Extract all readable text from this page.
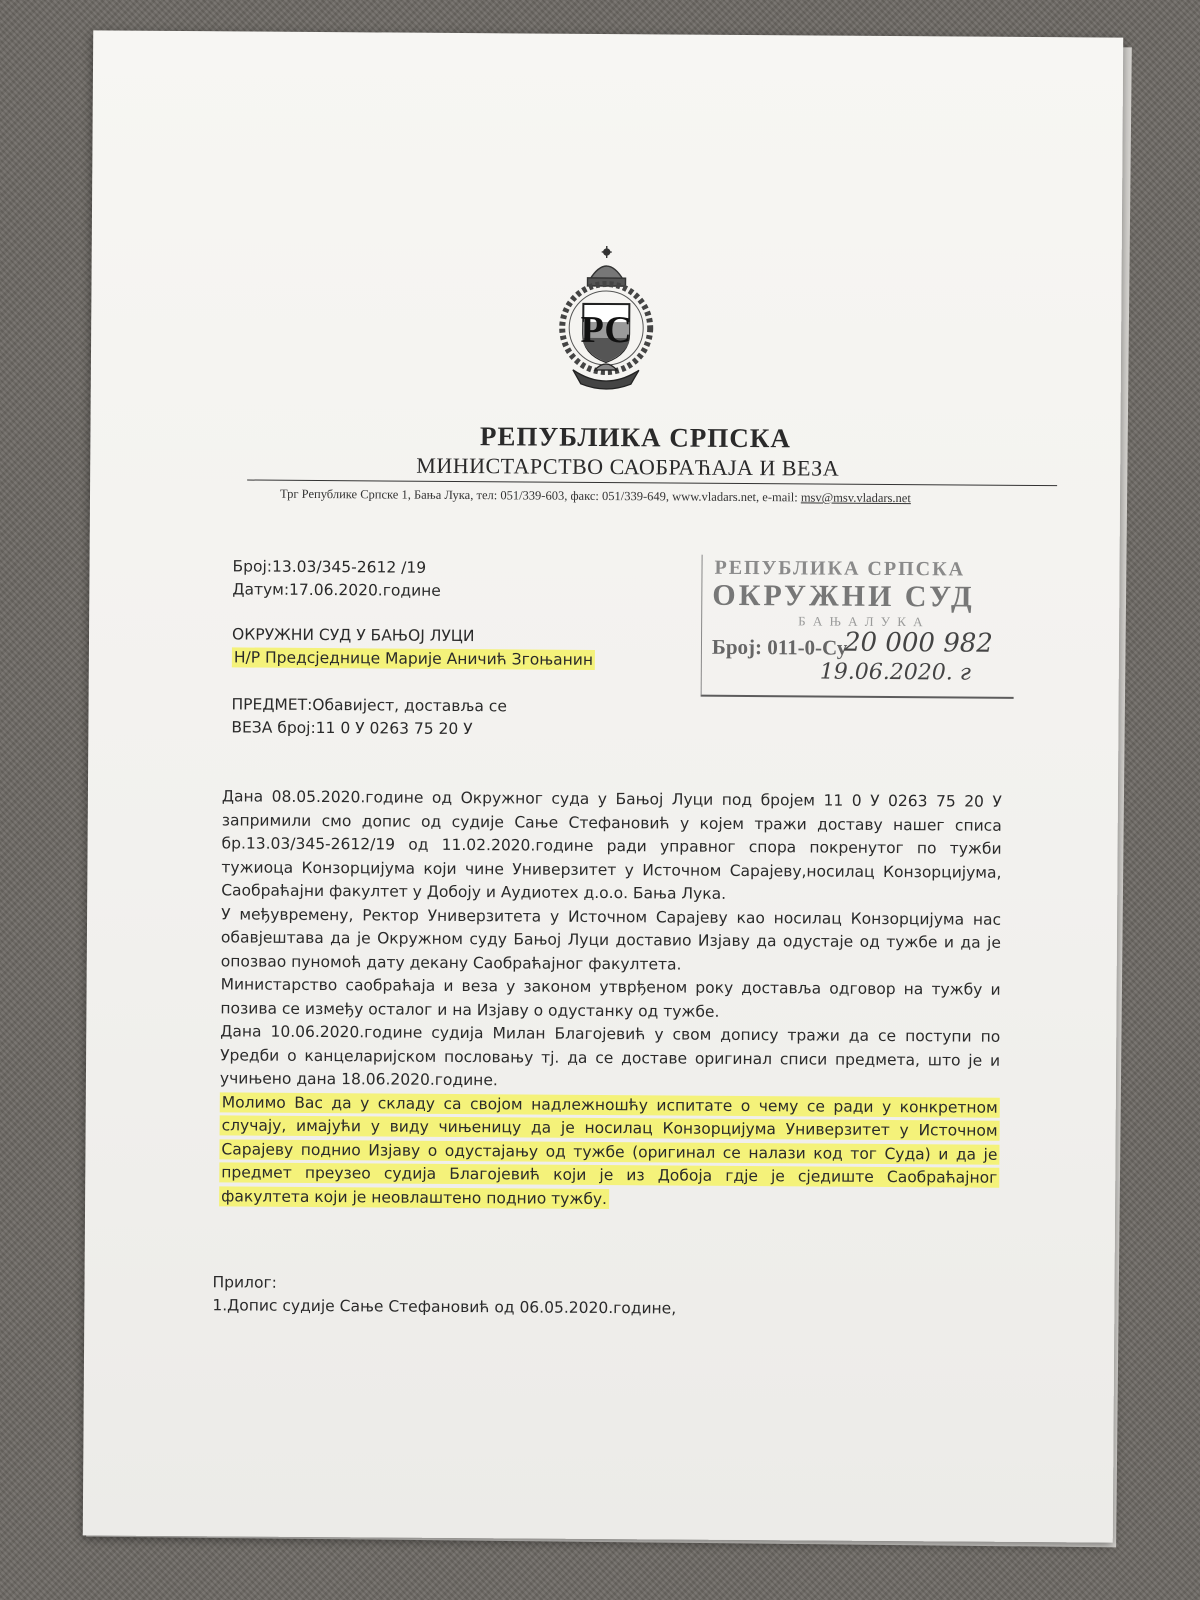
РС
РЕПУБЛИКА СРПСКА
МИНИСТАРСТВО САОБРАЋАЈА И ВЕЗА
Трг Републике Српске 1, Бања Лука, тел: 051/339-603, факс: 051/339-649, www.vladars.net, e-mail: msv@msv.vladars.net
Број:13.03/345-2612 /19
Датум:17.06.2020.године
ОКРУЖНИ СУД У БАЊОЈ ЛУЦИ
Н/Р Предсједнице Марије Аничић Згоњанин
ПРЕДМЕТ:Обавијест, доставља се
ВЕЗА број:11 0 У 0263 75 20 У
РЕПУБЛИКА СРПСКА
ОКРУЖНИ СУД
Б А Њ А Л У К А
Број: 011-0-Су
20 000 982
19.06.2020. г

Дана 08.05.2020.године од Окружног суда у Бањој Луци под бројем 11 0 У 0263 75 20 У запримили смо допис од судије Сање Стефановић у којем тражи доставу нашег списа бр.13.03/345-2612/19 од 11.02.2020.године ради управног спора покренутог по тужби тужиоца Конзорцијума који чине Универзитет у Источном Сарајеву,носилац Конзорцијума, Саобраћајни факултет у Добоју и Аудиотех д.о.о. Бања Лука.

У међувремену, Ректор Универзитета у Источном Сарајеву као носилац Конзорцијума нас обавјештава да је Окружном суду Бањој Луци доставио Изјаву да одустаје од тужбе и да је опозвао пуномоћ дату декану Саобраћајног факултета.

Министарство саобраћаја и веза у законом утврђеном року доставља одговор на тужбу и позива се између осталог и на Изјаву о одустанку од тужбе.

Дана 10.06.2020.године судија Милан Благојевић у свом допису тражи да се поступи по Уредби о канцеларијском пословању тј. да се доставе оригинал списи предмета, што је и учињено дана 18.06.2020.године.

Молимо Вас да у складу са својом надлежношћу испитате о чему се ради у конкретном случају, имајући у виду чињеницу да је носилац Конзорцијума Универзитет у Источном Сарајеву поднио Изјаву о одустајању од тужбе (оригинал се налази код тог Суда) и да је предмет преузео судија Благојевић који је из Добоја гдје је сједиште Саобраћајног факултета који је неовлаштено поднио тужбу.

Прилог:
1.Допис судије Сање Стефановић од 06.05.2020.године,
